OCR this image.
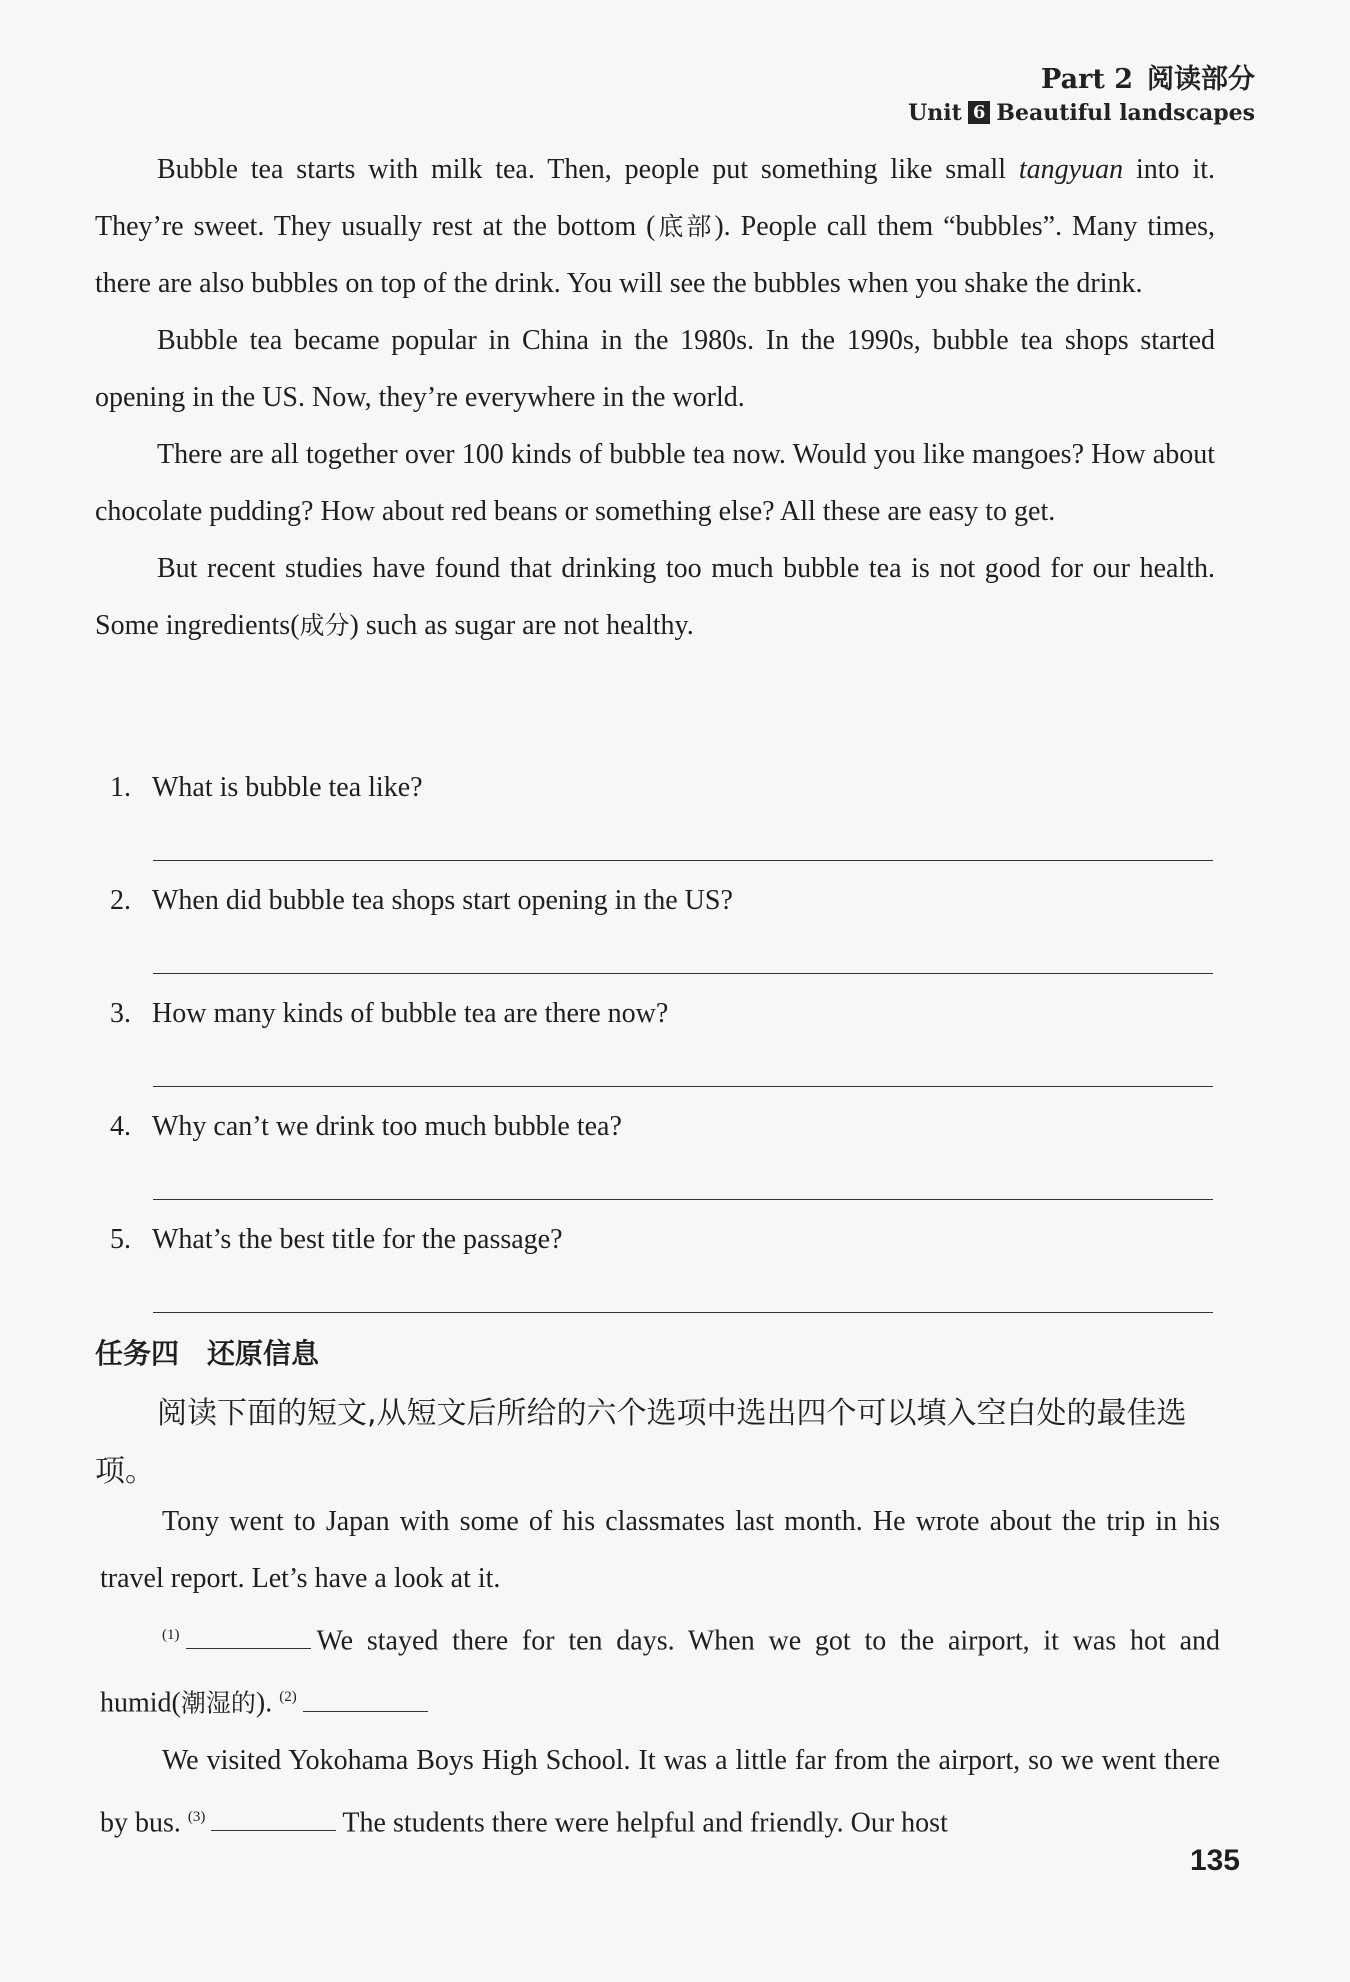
Part 2 阅读部分
Unit 6 Beautiful landscapes

Bubble tea starts with milk tea. Then, people put something like small tangyuan into it. They’re sweet. They usually rest at the bottom (底部). People call them “bubbles”. Many times, there are also bubbles on top of the drink. You will see the bubbles when you shake the drink.

Bubble tea became popular in China in the 1980s. In the 1990s, bubble tea shops started opening in the US. Now, they’re everywhere in the world.

There are all together over 100 kinds of bubble tea now. Would you like mangoes? How about chocolate pudding? How about red beans or something else? All these are easy to get.

But recent studies have found that drinking too much bubble tea is not good for our health. Some ingredients(成分) such as sugar are not healthy.

1. What is bubble tea like?
2. When did bubble tea shops start opening in the US?
3. How many kinds of bubble tea are there now?
4. Why can’t we drink too much bubble tea?
5. What’s the best title for the passage?
任务四 还原信息

阅读下面的短文,从短文后所给的六个选项中选出四个可以填入空白处的最佳选项。

Tony went to Japan with some of his classmates last month. He wrote about the trip in his travel report. Let’s have a look at it.

$^{(1)}$	We stayed there for ten days. When we got to the airport, it was hot and humid(潮湿的). $^{(2)}$

We visited Yokohama Boys High School. It was a little far from the airport, so we went there by bus. $^{(3)}$	The students there were helpful and friendly. Our host

135
